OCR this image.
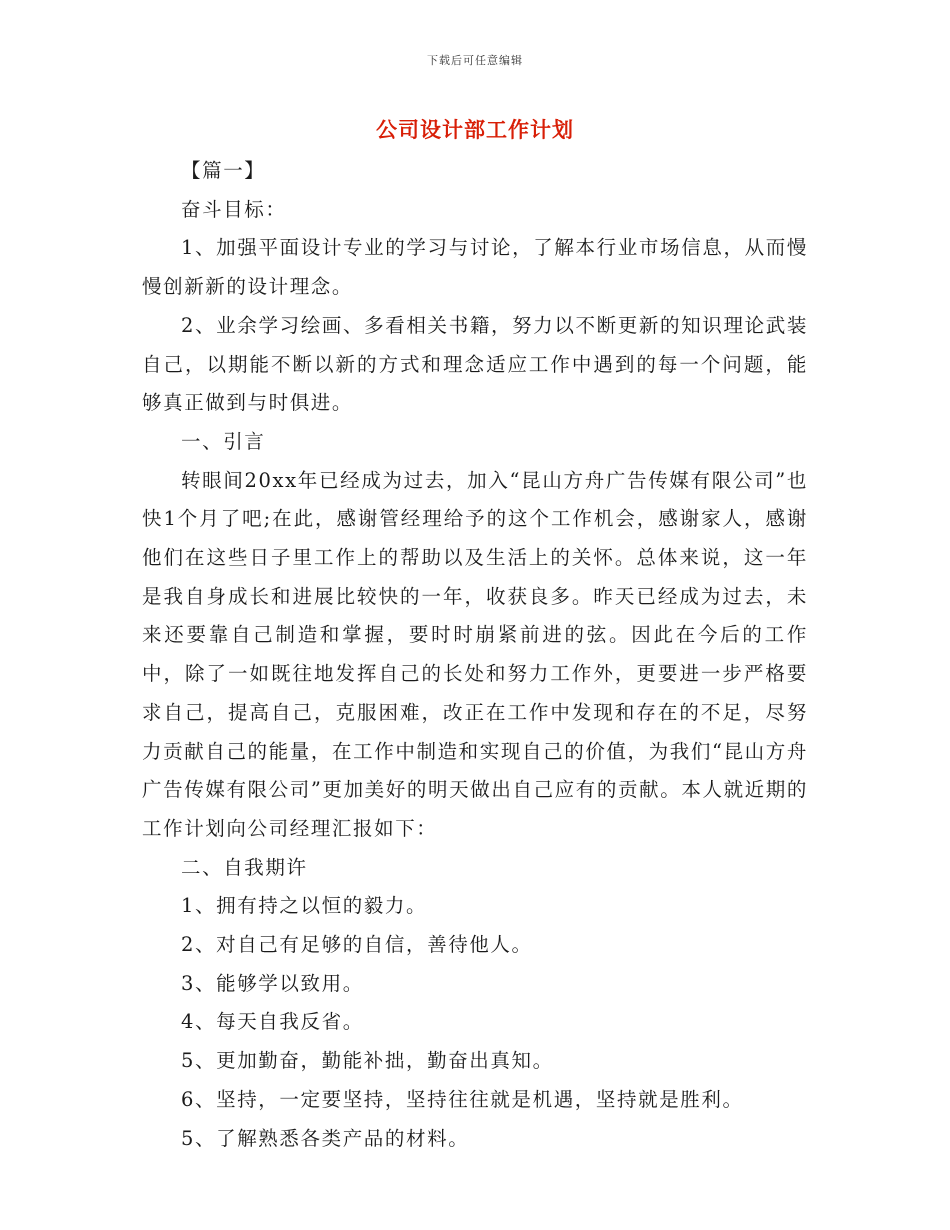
下载后可任意编辑
公司设计部工作计划

【篇一】

奋斗目标：

1、加强平面设计专业的学习与讨论，了解本行业市场信息，从而慢慢创新新的设计理念。

2、业余学习绘画、多看相关书籍，努力以不断更新的知识理论武装自己，以期能不断以新的方式和理念适应工作中遇到的每一个问题，能够真正做到与时俱进。

一、引言

转眼间20xx年已经成为过去，加入“昆山方舟广告传媒有限公司”也快1个月了吧;在此，感谢管经理给予的这个工作机会，感谢家人，感谢他们在这些日子里工作上的帮助以及生活上的关怀。总体来说，这一年是我自身成长和进展比较快的一年，收获良多。昨天已经成为过去，未来还要靠自己制造和掌握，要时时崩紧前进的弦。因此在今后的工作中，除了一如既往地发挥自己的长处和努力工作外，更要进一步严格要求自己，提高自己，克服困难，改正在工作中发现和存在的不足，尽努力贡献自己的能量，在工作中制造和实现自己的价值，为我们“昆山方舟广告传媒有限公司”更加美好的明天做出自己应有的贡献。本人就近期的工作计划向公司经理汇报如下：

二、自我期许

1、拥有持之以恒的毅力。

2、对自己有足够的自信，善待他人。

3、能够学以致用。

4、每天自我反省。

5、更加勤奋，勤能补拙，勤奋出真知。

6、坚持，一定要坚持，坚持往往就是机遇，坚持就是胜利。

5、了解熟悉各类产品的材料。
